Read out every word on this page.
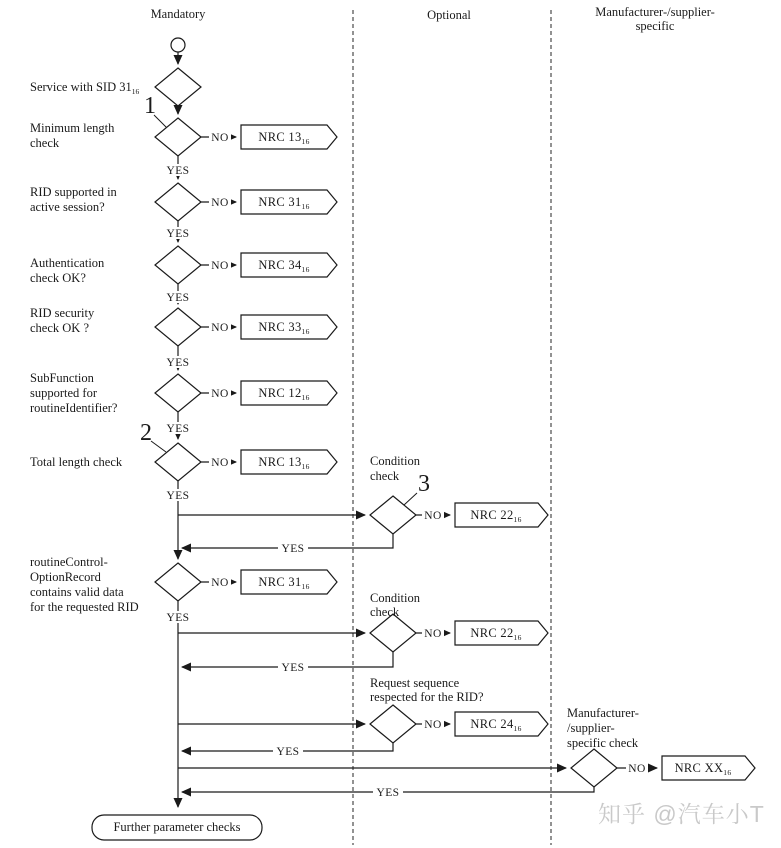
Mandatory	Optional	Manufacturer-/supplier-
specific
Further parameter checks
NRC $13_{16}$
NRC $31_{16}$
NRC $34_{16}$
NRC $33_{16}$
NRC $12_{16}$
NRC $13_{16}$
NRC $31_{16}$
NRC $22_{16}$
NRC $22_{16}$
NRC $24_{16}$
NRC $XX_{16}$
Service with SID $31_{16}$
Minimum length
check
RID supported in
active session?
Authentication
check OK?
RID security
check OK ?
SubFunction
supported for
routineIdentifier?
Total length check
routineControl-
OptionRecord
contains valid data
for the requested RID
Condition
check
Condition
check
Request sequence
respected for the RID?
Manufacturer-
/supplier-
specific check
1
2
3
YES
YES
YES
YES
YES
YES
YES
YES
YES
YES
YES
NO
NO
NO
NO
NO
NO
NO
NO
NO
NO
NO
知乎 @汽车小T
